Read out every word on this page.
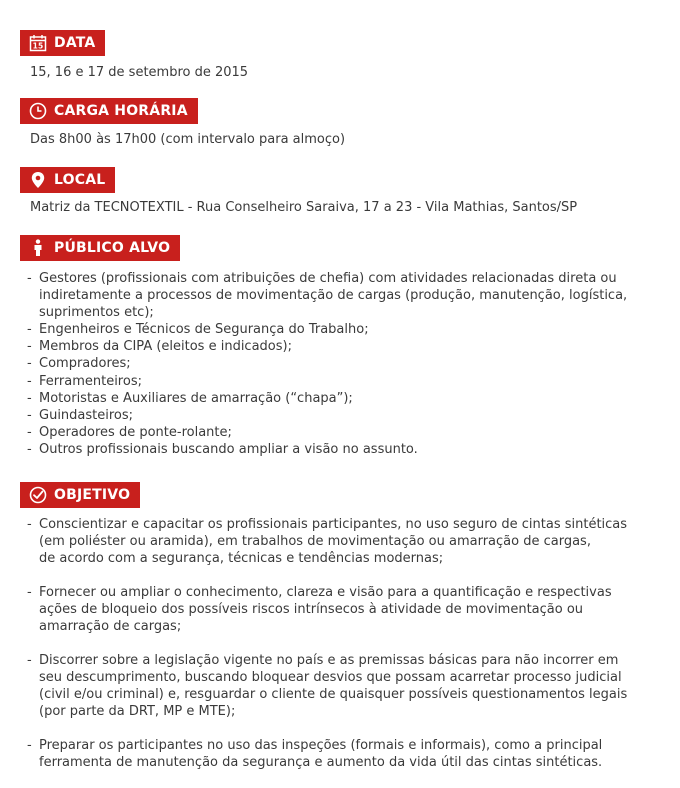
15 DATA
15, 16 e 17 de setembro de 2015
CARGA HORÁRIA
Das 8h00 às 17h00 (com intervalo para almoço)
LOCAL
Matriz da TECNOTEXTIL - Rua Conselheiro Saraiva, 17 a 23 - Vila Mathias, Santos/SP
PÚBLICO ALVO
- Gestores (profissionais com atribuições de chefia) com atividades relacionadas direta ou
indiretamente a processos de movimentação de cargas (produção, manutenção, logística,
suprimentos etc);
- Engenheiros e Técnicos de Segurança do Trabalho;
- Membros da CIPA (eleitos e indicados);
- Compradores;
- Ferramenteiros;
- Motoristas e Auxiliares de amarração (“chapa”);
- Guindasteiros;
- Operadores de ponte-rolante;
- Outros profissionais buscando ampliar a visão no assunto.
OBJETIVO
- Conscientizar e capacitar os profissionais participantes, no uso seguro de cintas sintéticas
(em poliéster ou aramida), em trabalhos de movimentação ou amarração de cargas,
de acordo com a segurança, técnicas e tendências modernas;
- Fornecer ou ampliar o conhecimento, clareza e visão para a quantificação e respectivas
ações de bloqueio dos possíveis riscos intrínsecos à atividade de movimentação ou
amarração de cargas;
- Discorrer sobre a legislação vigente no país e as premissas básicas para não incorrer em
seu descumprimento, buscando bloquear desvios que possam acarretar processo judicial
(civil e/ou criminal) e, resguardar o cliente de quaisquer possíveis questionamentos legais
(por parte da DRT, MP e MTE);
- Preparar os participantes no uso das inspeções (formais e informais), como a principal
ferramenta de manutenção da segurança e aumento da vida útil das cintas sintéticas.
